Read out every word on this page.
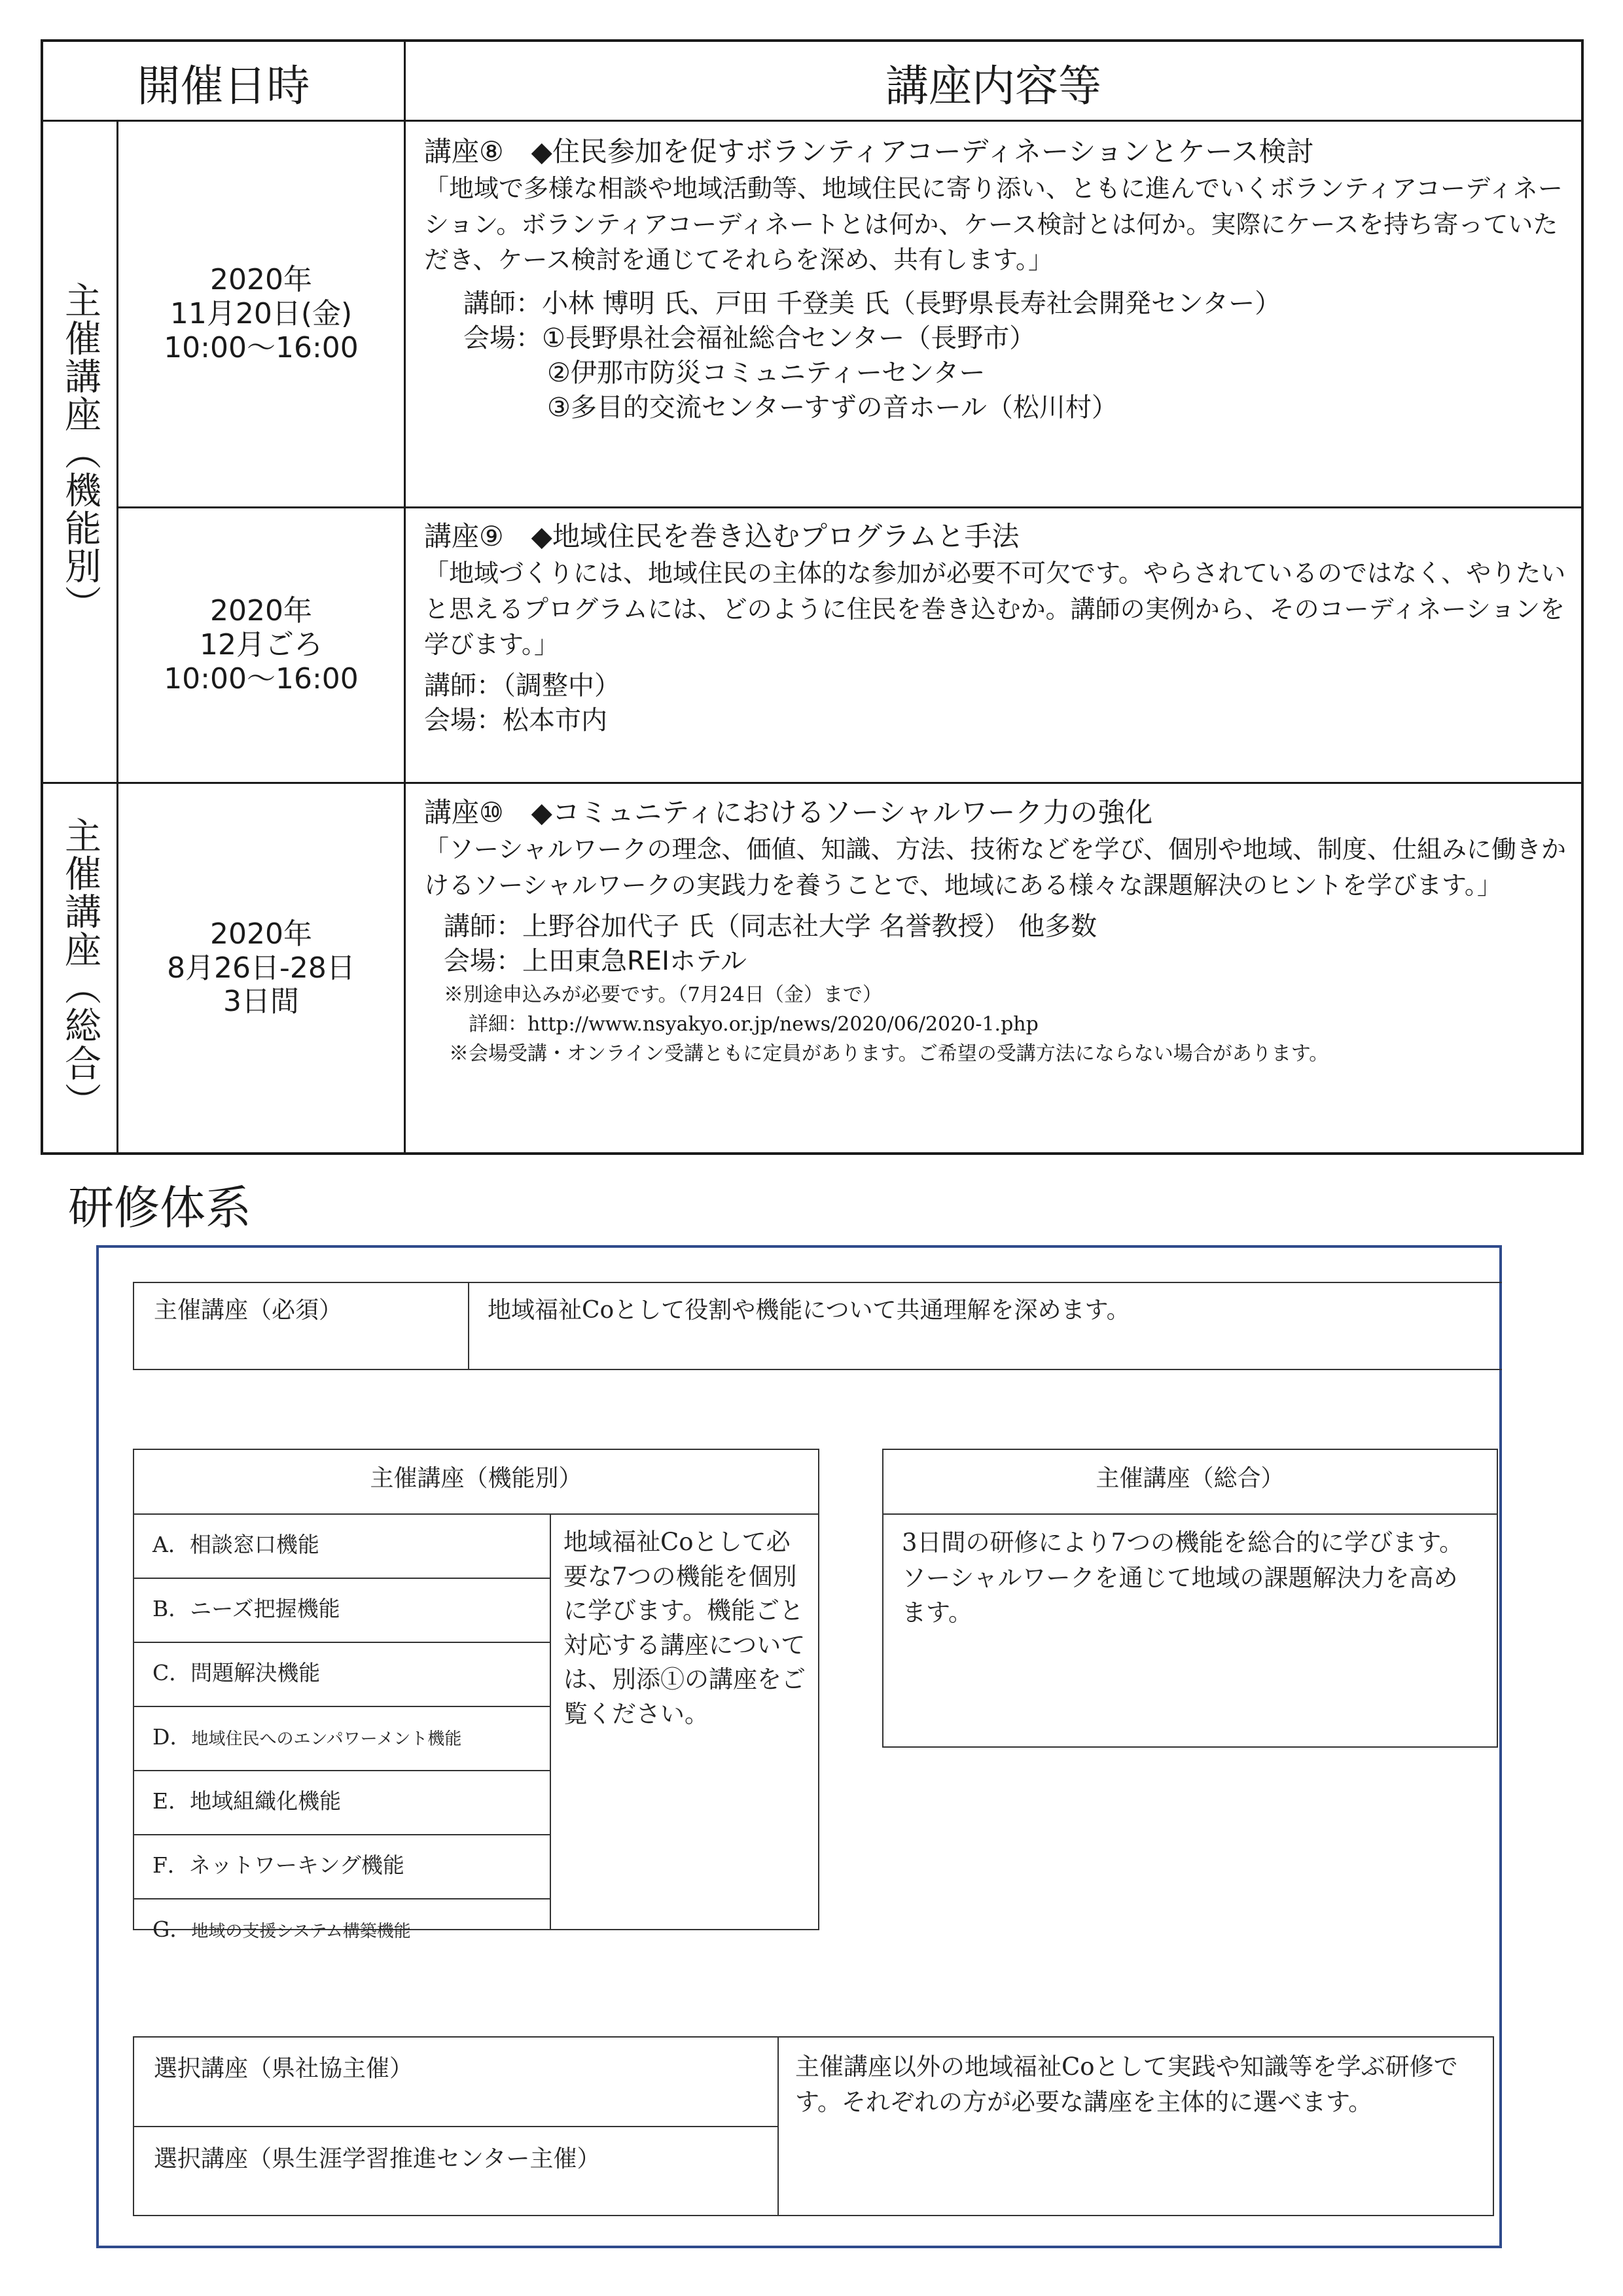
開催日時	講座内容等
主催講座（機能別）
主催講座（総合）
2020年
11月20日(金)
10:00〜16:00
講座⑧　◆住民参加を促すボランティアコーディネーションとケース検討
「地域で多様な相談や地域活動等、地域住民に寄り添い、ともに進んでいくボランティアコーディネーション。ボランティアコーディネートとは何か、ケース検討とは何か。実際にケースを持ち寄っていただき、ケース検討を通じてそれらを深め、共有します。」
講師：小林 博明 氏、戸田 千登美 氏（長野県長寿社会開発センター）
会場：①長野県社会福祉総合センター（長野市）
②伊那市防災コミュニティーセンター
③多目的交流センターすずの音ホール（松川村）
2020年
12月ごろ
10:00〜16:00
講座⑨　◆地域住民を巻き込むプログラムと手法
「地域づくりには、地域住民の主体的な参加が必要不可欠です。やらされているのではなく、やりたいと思えるプログラムには、どのように住民を巻き込むか。講師の実例から、そのコーディネーションを学びます。」
講師：（調整中）
会場：松本市内
2020年
8月26日-28日
3日間
講座⑩　◆コミュニティにおけるソーシャルワーク力の強化
「ソーシャルワークの理念、価値、知識、方法、技術などを学び、個別や地域、制度、仕組みに働きかけるソーシャルワークの実践力を養うことで、地域にある様々な課題解決のヒントを学びます。」
講師：上野谷加代子 氏（同志社大学 名誉教授） 他多数
会場：上田東急REIホテル
※別途申込みが必要です。（7月24日（金）まで）
詳細：http://www.nsyakyo.or.jp/news/2020/06/2020-1.php
※会場受講・オンライン受講ともに定員があります。ご希望の受講方法にならない場合があります。
研修体系
主催講座（必須）	地域福祉Coとして役割や機能について共通理解を深めます。
主催講座（機能別）
A．相談窓口機能
B．ニーズ把握機能
C．問題解決機能
D．地域住民へのエンパワーメント機能
E．地域組織化機能
F．ネットワーキング機能
G．地域の支援システム構築機能
地域福祉Coとして必要な7つの機能を個別に学びます。機能ごと対応する講座については、別添①の講座をご覧ください。
主催講座（総合）
3日間の研修により7つの機能を総合的に学びます。ソーシャルワークを通じて地域の課題解決力を高めます。
選択講座（県社協主催）
選択講座（県生涯学習推進センター主催）
主催講座以外の地域福祉Coとして実践や知識等を学ぶ研修です。それぞれの方が必要な講座を主体的に選べます。
